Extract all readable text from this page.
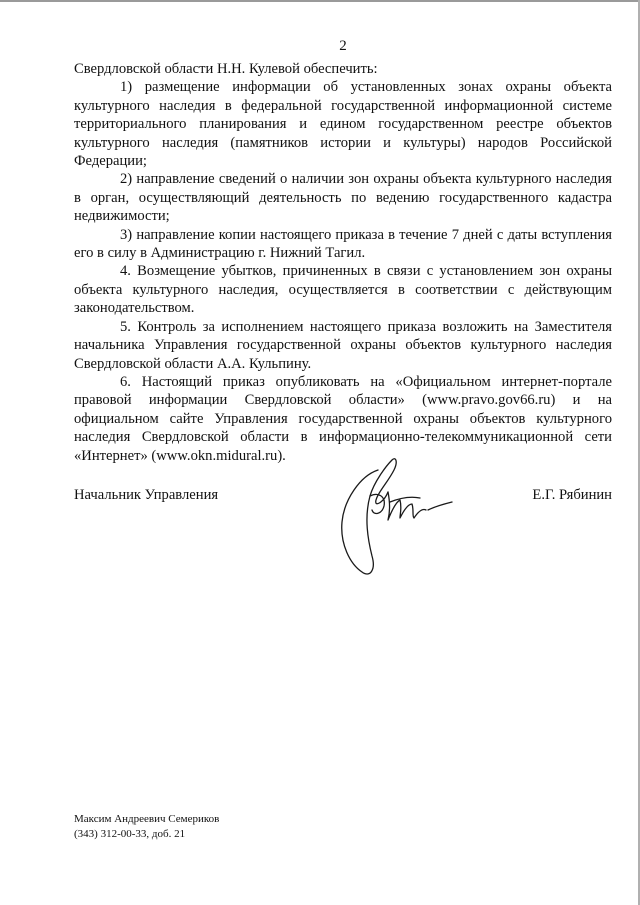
2

Свердловской области Н.Н. Кулевой обеспечить:

1) размещение информации об установленных зонах охраны объекта культурного наследия в федеральной государственной информационной системе территориального планирования и едином государственном реестре объектов культурного наследия (памятников истории и культуры) народов Российской Федерации;

2) направление сведений о наличии зон охраны объекта культурного наследия в орган, осуществляющий деятельность по ведению государственного кадастра недвижимости;

3) направление копии настоящего приказа в течение 7 дней с даты вступления его в силу в Администрацию г. Нижний Тагил.

4. Возмещение убытков, причиненных в связи с установлением зон охраны объекта культурного наследия, осуществляется в соответствии с действующим законодательством.

5. Контроль за исполнением настоящего приказа возложить на Заместителя начальника Управления государственной охраны объектов культурного наследия Свердловской области А.А. Кульпину.

6. Настоящий приказ опубликовать на «Официальном интернет-портале правовой информации Свердловской области» (www.pravo.gov66.ru) и на официальном сайте Управления государственной охраны объектов культурного наследия Свердловской области в информационно-телекоммуникационной сети «Интернет» (www.okn.midural.ru).

Начальник Управления	Е.Г. Рябинин
Максим Андреевич Семериков
(343) 312-00-33, доб. 21
